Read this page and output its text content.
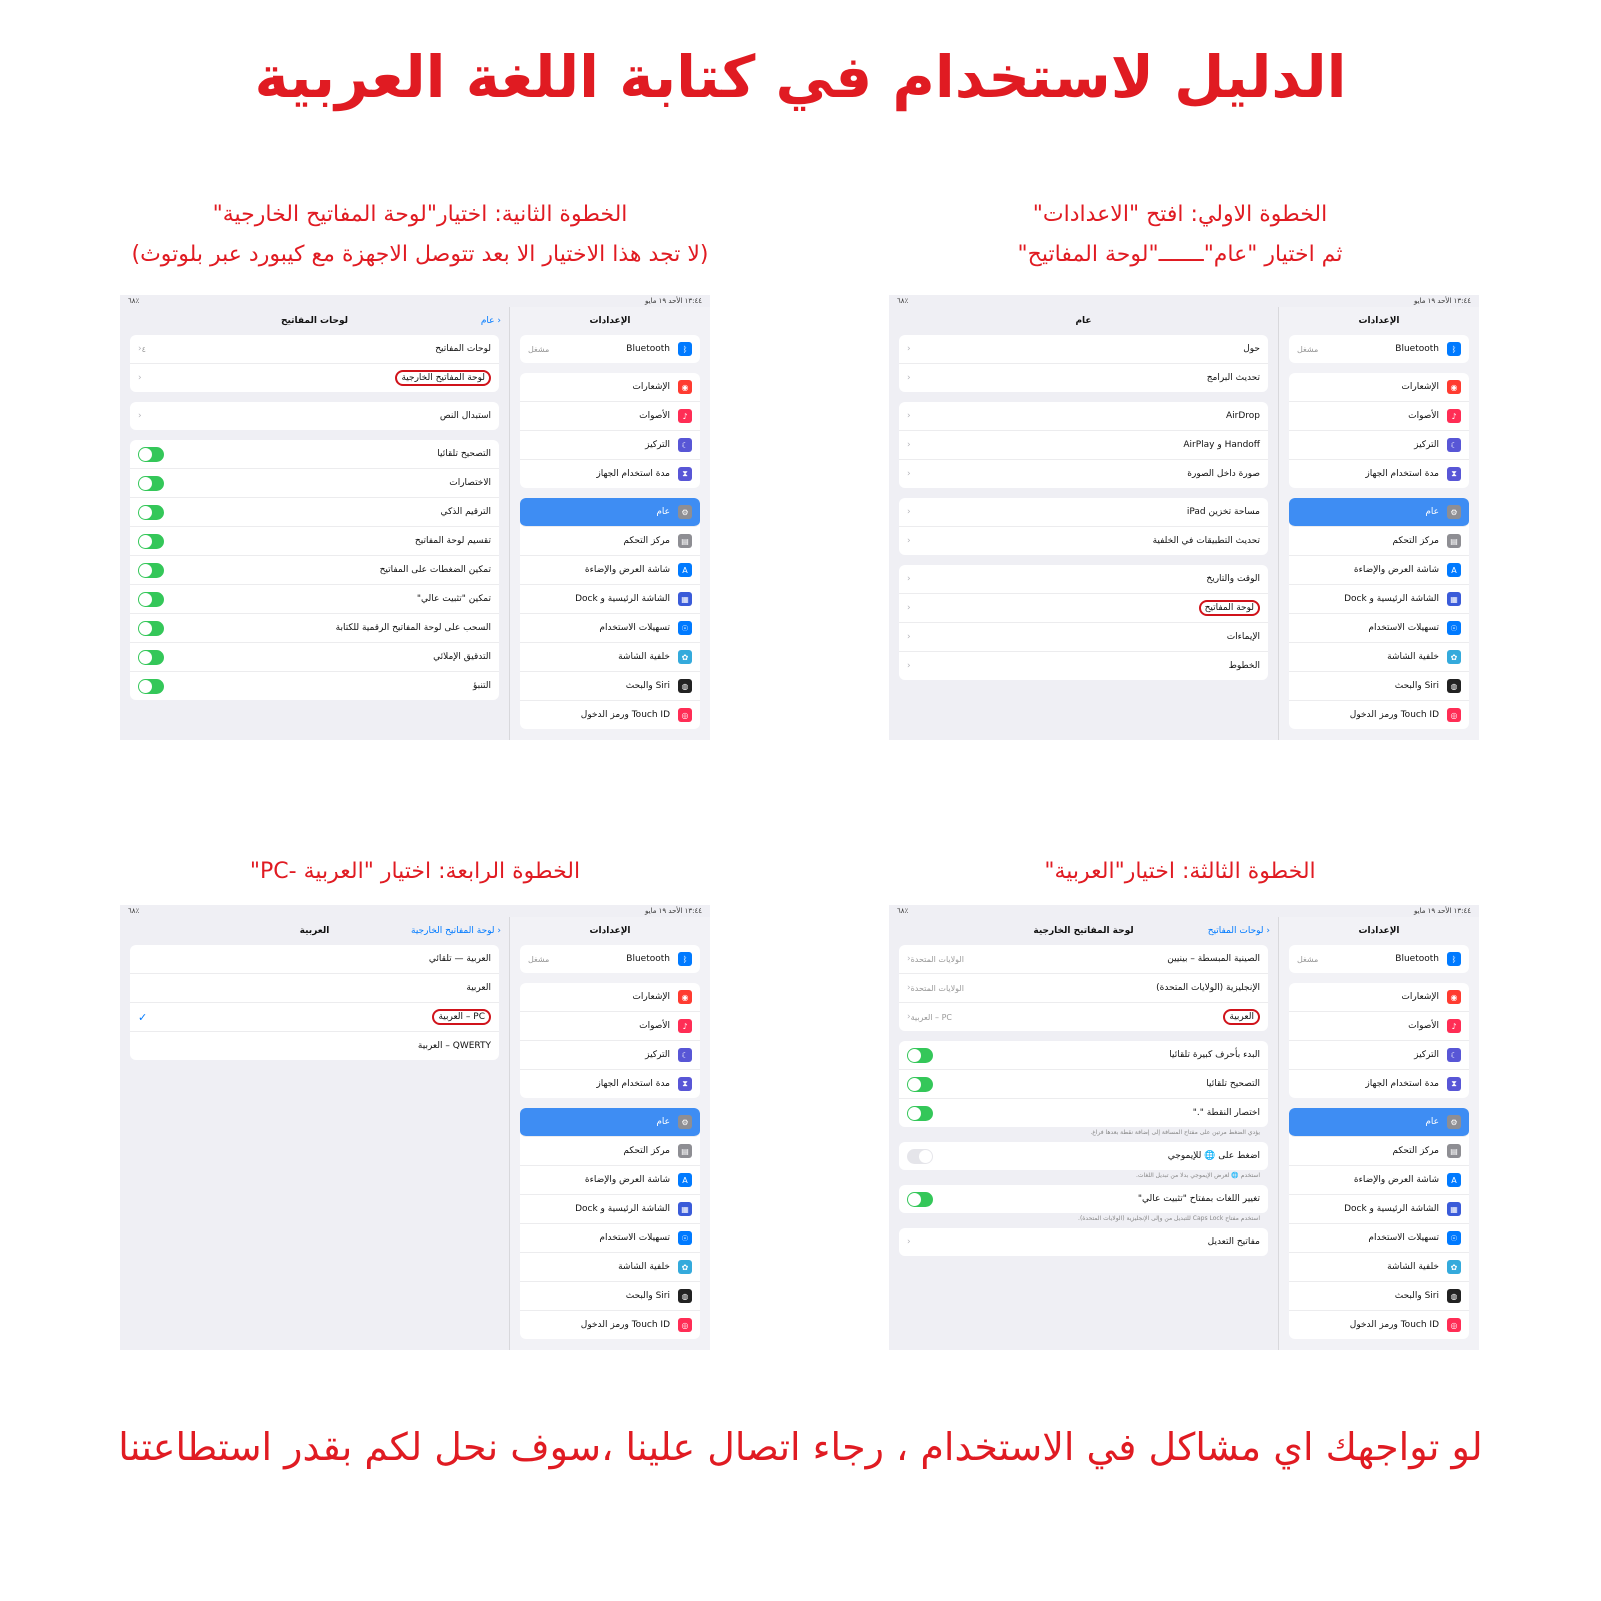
الدليل لاستخدام في كتابة اللغة العربية
الخطوة الاولي: افتح "الاعدادات"
ثم اختيار "عام"ـــــــ"لوحة المفاتيح"
الخطوة الثانية: اختيار"لوحة المفاتيح الخارجية"
(لا تجد هذا الاختيار الا بعد تتوصل الاجهزة مع كيبورد عبر بلوتوث)
الخطوة الثالثة: اختيار"العربية"
الخطوة الرابعة: اختيار "العربية -PC"
١٣:٤٤ الأحد ١٩ مايو
٪٦٨
الإعدادات
ᛒ
Bluetooth
مشغل
◉
الإشعارات
♪
الأصوات
☾
التركيز
⧗
مدة استخدام الجهاز
⚙
عام
▤
مركز التحكم
A
شاشة العرض والإضاءة
▦
الشاشة الرئيسية و Dock
☉
تسهيلات الاستخدام
✿
خلفية الشاشة
◍
Siri والبحث
◎
Touch ID ورمز الدخول
عام
حول
‹
تحديث البرامج
‹
AirDrop
‹
Handoff و AirPlay
‹
صورة داخل الصورة
‹
مساحة تخزين iPad
‹
تحديث التطبيقات في الخلفية
‹
الوقت والتاريخ
‹
لوحة المفاتيح
‹
الإيماءات
‹
الخطوط
‹
١٣:٤٤ الأحد ١٩ مايو
٪٦٨
الإعدادات
ᛒ
Bluetooth
مشغل
◉
الإشعارات
♪
الأصوات
☾
التركيز
⧗
مدة استخدام الجهاز
⚙
عام
▤
مركز التحكم
A
شاشة العرض والإضاءة
▦
الشاشة الرئيسية و Dock
☉
تسهيلات الاستخدام
✿
خلفية الشاشة
◍
Siri والبحث
◎
Touch ID ورمز الدخول
‹ عام
لوحات المفاتيح
لوحات المفاتيح
٤
‹
لوحة المفاتيح الخارجية
‹
استبدال النص
‹
التصحيح تلقائيا
الاختصارات
الترقيم الذكي
تقسيم لوحة المفاتيح
تمكين الضغطات على المفاتيح
تمكين "تثبيت عالي"
السحب على لوحة المفاتيح الرقمية للكتابة
التدقيق الإملائي
التنبؤ
١٣:٤٤ الأحد ١٩ مايو
٪٦٨
الإعدادات
ᛒ
Bluetooth
مشغل
◉
الإشعارات
♪
الأصوات
☾
التركيز
⧗
مدة استخدام الجهاز
⚙
عام
▤
مركز التحكم
A
شاشة العرض والإضاءة
▦
الشاشة الرئيسية و Dock
☉
تسهيلات الاستخدام
✿
خلفية الشاشة
◍
Siri والبحث
◎
Touch ID ورمز الدخول
‹ لوحات المفاتيح
لوحة المفاتيح الخارجية
الصينية المبسطة – بينيين
الولايات المتحدة
‹
الإنجليزية (الولايات المتحدة)
الولايات المتحدة
‹
العربية
PC – العربية
‹
البدء بأحرف كبيرة تلقائيا
التصحيح تلقائيا
اختصار النقطة "."
يؤدي الضغط مرتين على مفتاح المسافة إلى إضافة نقطة بعدها فراغ.
اضغط على 🌐 للإيموجي
استخدم 🌐 لعرض الإيموجي بدلا من تبديل اللغات.
تغيير اللغات بمفتاح "تثبيت عالي"
استخدم مفتاح Caps Lock للتبديل من وإلى الإنجليزية (الولايات المتحدة).
مفاتيح التعديل
‹
١٣:٤٤ الأحد ١٩ مايو
٪٦٨
الإعدادات
ᛒ
Bluetooth
مشغل
◉
الإشعارات
♪
الأصوات
☾
التركيز
⧗
مدة استخدام الجهاز
⚙
عام
▤
مركز التحكم
A
شاشة العرض والإضاءة
▦
الشاشة الرئيسية و Dock
☉
تسهيلات الاستخدام
✿
خلفية الشاشة
◍
Siri والبحث
◎
Touch ID ورمز الدخول
‹ لوحة المفاتيح الخارجية
العربية
العربية — تلقائي
العربية
PC – العربية
✓
QWERTY – العربية
لو تواجهك اي مشاكل في الاستخدام ، رجاء اتصال علينا ،سوف نحل لكم بقدر استطاعتنا
